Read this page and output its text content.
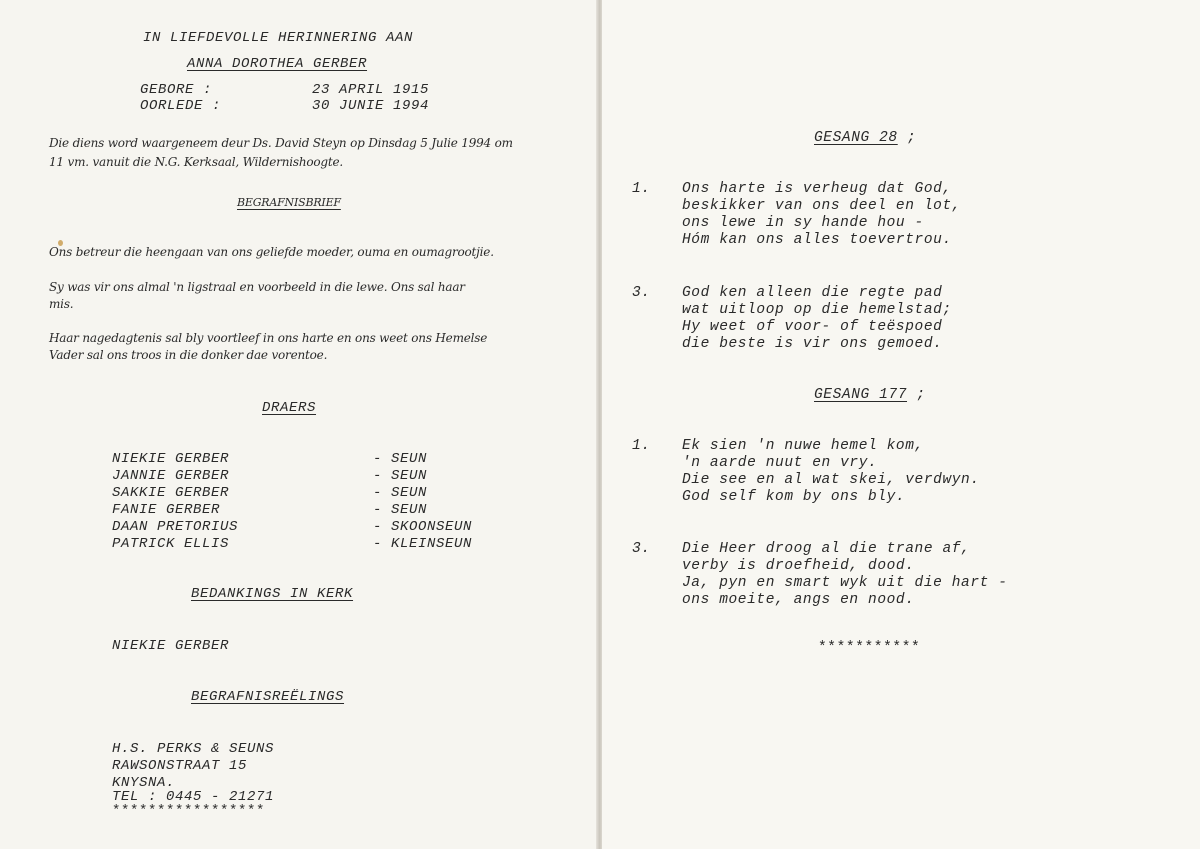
IN LIEFDEVOLLE HERINNERING AAN
ANNA DOROTHEA GERBER
GEBORE :	23 APRIL 1915
OORLEDE :	30 JUNIE 1994
Die diens word waargeneem deur Ds. David Steyn op Dinsdag 5 Julie 1994 om
11 vm. vanuit die N.G. Kerksaal, Wildernishoogte.
BEGRAFNISBRIEF
Ons betreur die heengaan van ons geliefde moeder, ouma en oumagrootjie.
Sy was vir ons almal 'n ligstraal en voorbeeld in die lewe. Ons sal haar
mis.
Haar nagedagtenis sal bly voortleef in ons harte en ons weet ons Hemelse
Vader sal ons troos in die donker dae vorentoe.
DRAERS
NIEKIE GERBER	- SEUN
JANNIE GERBER	- SEUN
SAKKIE GERBER	- SEUN
FANIE GERBER	- SEUN
DAAN PRETORIUS	- SKOONSEUN
PATRICK ELLIS	- KLEINSEUN
BEDANKINGS IN KERK
NIEKIE GERBER
BEGRAFNISREËLINGS
H.S. PERKS & SEUNS
RAWSONSTRAAT 15
KNYSNA.
TEL : 0445 - 21271
*****************
GESANG 28 ;
1. Ons harte is verheug dat God,
beskikker van ons deel en lot,
ons lewe in sy hande hou -
Hóm kan ons alles toevertrou.
3. God ken alleen die regte pad
wat uitloop op die hemelstad;
Hy weet of voor- of teëspoed
die beste is vir ons gemoed.
GESANG 177 ;
1. Ek sien 'n nuwe hemel kom,
'n aarde nuut en vry.
Die see en al wat skei, verdwyn.
God self kom by ons bly.
3. Die Heer droog al die trane af,
verby is droefheid, dood.
Ja, pyn en smart wyk uit die hart -
ons moeite, angs en nood.
***********
